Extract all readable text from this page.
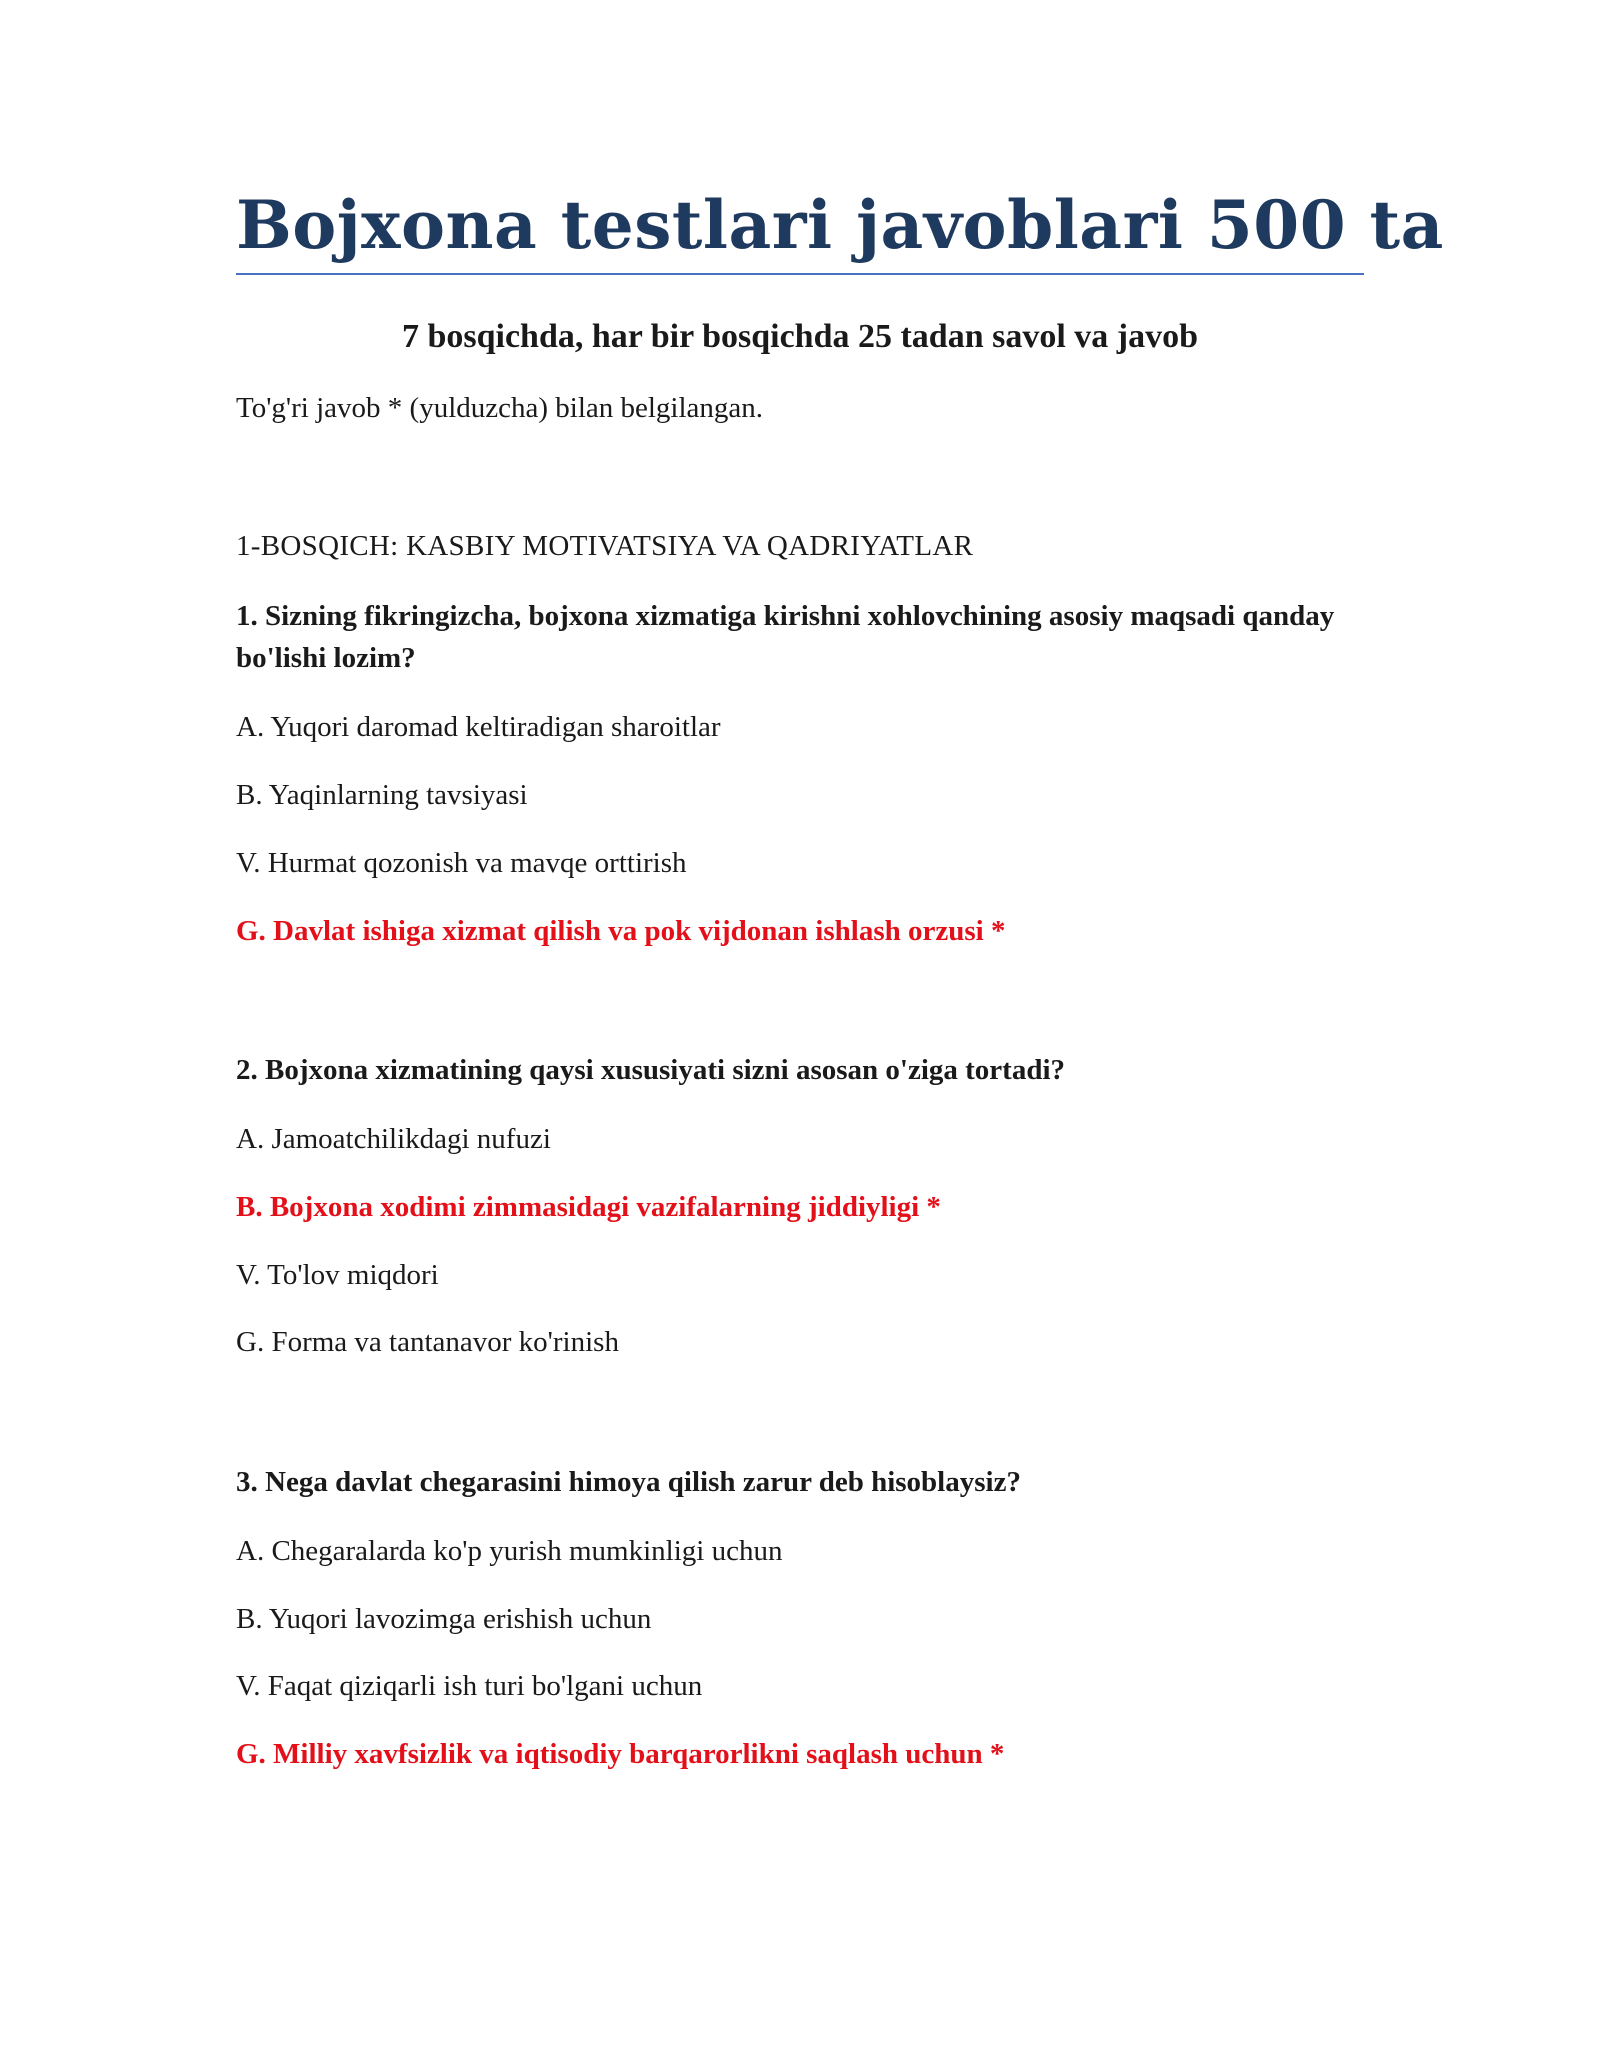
Bojxona testlari javoblari 500 ta
7 bosqichda, har bir bosqichda 25 tadan savol va javob

To'g'ri javob * (yulduzcha) bilan belgilangan.

1-BOSQICH: KASBIY MOTIVATSIYA VA QADRIYATLAR

1. Sizning fikringizcha, bojxona xizmatiga kirishni xohlovchining asosiy maqsadi qanday bo'lishi lozim?

A. Yuqori daromad keltiradigan sharoitlar

B. Yaqinlarning tavsiyasi

V. Hurmat qozonish va mavqe orttirish

G. Davlat ishiga xizmat qilish va pok vijdonan ishlash orzusi *

2. Bojxona xizmatining qaysi xususiyati sizni asosan o'ziga tortadi?

A. Jamoatchilikdagi nufuzi

B. Bojxona xodimi zimmasidagi vazifalarning jiddiyligi *

V. To'lov miqdori

G. Forma va tantanavor ko'rinish

3. Nega davlat chegarasini himoya qilish zarur deb hisoblaysiz?

A. Chegaralarda ko'p yurish mumkinligi uchun

B. Yuqori lavozimga erishish uchun

V. Faqat qiziqarli ish turi bo'lgani uchun

G. Milliy xavfsizlik va iqtisodiy barqarorlikni saqlash uchun *
